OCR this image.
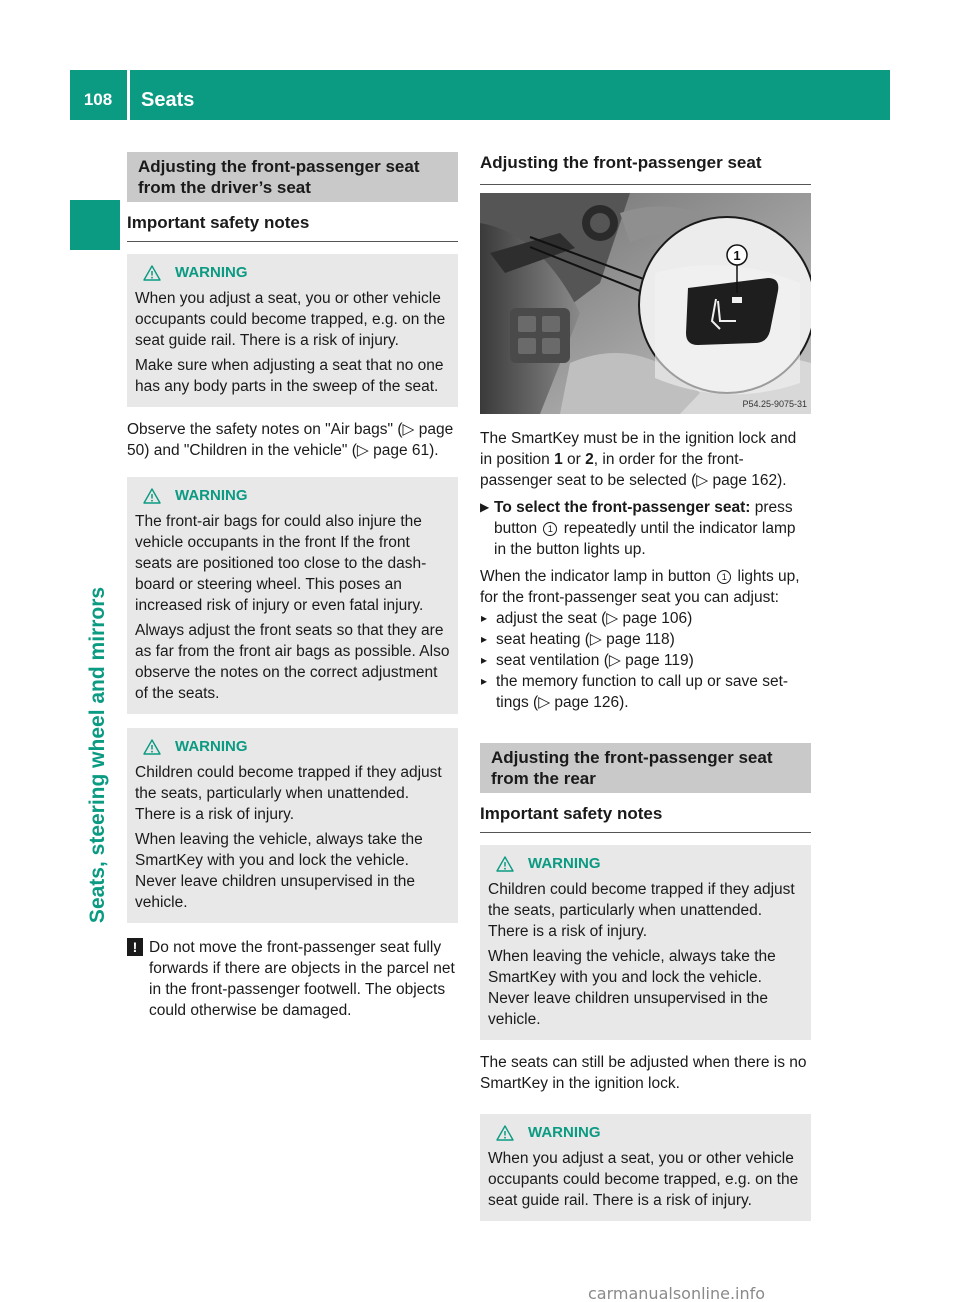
108	Seats
Seats, steering wheel and mirrors
Adjusting the front-passenger seat from the driver’s seat
Important safety notes
WARNING

When you adjust a seat, you or other vehicle occupants could become trapped, e.g. on the seat guide rail. There is a risk of injury.

Make sure when adjusting a seat that no one has any body parts in the sweep of the seat.

Observe the safety notes on "Air bags" (▷ page 50) and "Children in the vehicle" (▷ page 61).

WARNING

The front-air bags for could also injure the vehicle occupants in the front If the front seats are positioned too close to the dash-board or steering wheel. This poses an increased risk of injury or even fatal injury.

Always adjust the front seats so that they are as far from the front air bags as possible. Also observe the notes on the correct adjustment of the seats.

WARNING

Children could become trapped if they adjust the seats, particularly when unattended. There is a risk of injury.

When leaving the vehicle, always take the SmartKey with you and lock the vehicle. Never leave children unsupervised in the vehicle.

! Do not move the front-passenger seat fully forwards if there are objects in the parcel net in the front-passenger footwell. The objects could otherwise be damaged.
Adjusting the front-passenger seat
1
P54.25-9075-31

The SmartKey must be in the ignition lock and in position 1 or 2, in order for the front-passenger seat to be selected (▷ page 162).

▶ To select the front-passenger seat: press button 1 repeatedly until the indicator lamp in the button lights up.

When the indicator lamp in button 1 lights up, for the front-passenger seat you can adjust:

▸ adjust the seat (▷ page 106)
▸ seat heating (▷ page 118)
▸ seat ventilation (▷ page 119)
▸ the memory function to call up or save set-tings (▷ page 126).
Adjusting the front-passenger seat from the rear
Important safety notes
WARNING

Children could become trapped if they adjust the seats, particularly when unattended. There is a risk of injury.

When leaving the vehicle, always take the SmartKey with you and lock the vehicle. Never leave children unsupervised in the vehicle.

The seats can still be adjusted when there is no SmartKey in the ignition lock.

WARNING

When you adjust a seat, you or other vehicle occupants could become trapped, e.g. on the seat guide rail. There is a risk of injury.

carmanualsonline.info
